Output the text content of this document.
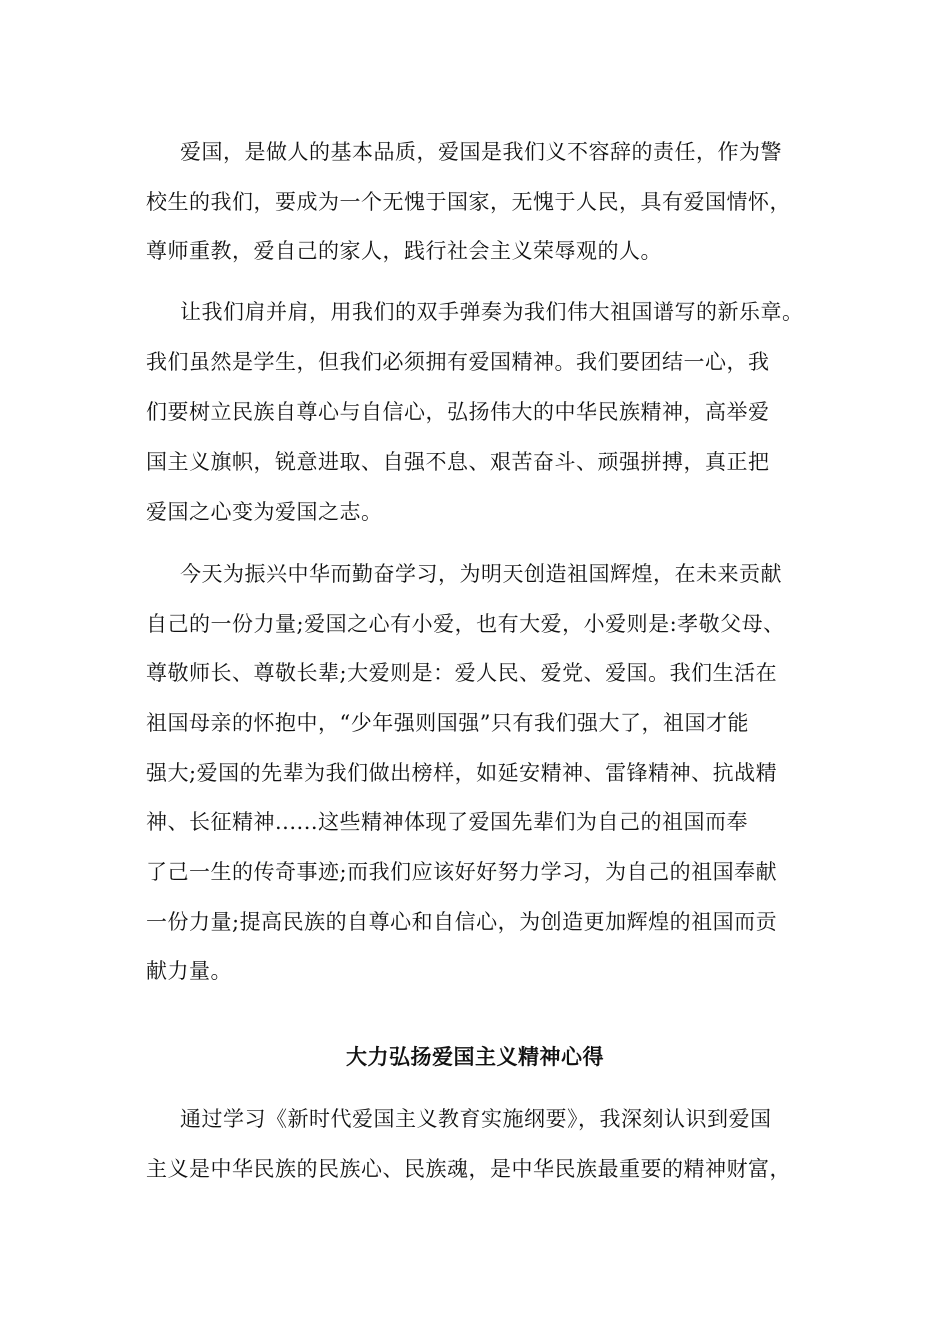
爱国，是做人的基本品质，爱国是我们义不容辞的责任，作为警
校生的我们，要成为一个无愧于国家，无愧于人民，具有爱国情怀，
尊师重教，爱自己的家人，践行社会主义荣辱观的人。
让我们肩并肩，用我们的双手弹奏为我们伟大祖国谱写的新乐章。
我们虽然是学生，但我们必须拥有爱国精神。我们要团结一心，我
们要树立民族自尊心与自信心，弘扬伟大的中华民族精神，高举爱
国主义旗帜，锐意进取、自强不息、艰苦奋斗、顽强拼搏，真正把
爱国之心变为爱国之志。
今天为振兴中华而勤奋学习，为明天创造祖国辉煌，在未来贡献
自己的一份力量;爱国之心有小爱，也有大爱，小爱则是:孝敬父母、
尊敬师长、尊敬长辈;大爱则是：爱人民、爱党、爱国。我们生活在
祖国母亲的怀抱中，“少年强则国强”只有我们强大了，祖国才能
强大;爱国的先辈为我们做出榜样，如延安精神、雷锋精神、抗战精
神、长征精神......这些精神体现了爱国先辈们为自己的祖国而奉
了己一生的传奇事迹;而我们应该好好努力学习，为自己的祖国奉献
一份力量;提高民族的自尊心和自信心，为创造更加辉煌的祖国而贡
献力量。
大力弘扬爱国主义精神心得
通过学习《新时代爱国主义教育实施纲要》，我深刻认识到爱国
主义是中华民族的民族心、民族魂，是中华民族最重要的精神财富，
